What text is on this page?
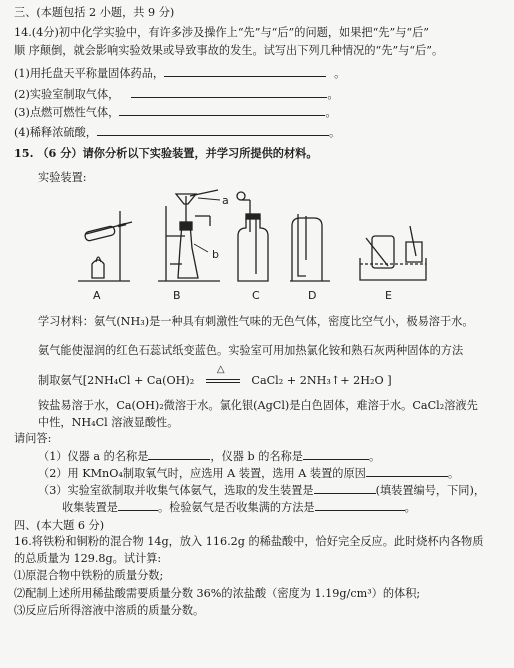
三、(本题包括 2 小题，共 9 分)
14.(4分)初中化学实验中，有许多涉及操作上“先”与“后”的问题，如果把“先”与“后”
顺 序颠倒，就会影响实验效果或导致事故的发生。试写出下列几种情况的“先”与“后”。
(1)用托盘天平称量固体药品，	。
(2)实验室制取气体，	。
(3)点燃可燃性气体，	。
(4)稀释浓硫酸，	。
15. （6 分）请你分析以下实验装置，并学习所提供的材料。
实验装置:
a
b
A	B	C	D	E
学习材料：氨气(NH₃)是一种具有刺激性气味的无色气体，密度比空气小，极易溶于水。
氨气能使湿润的红色石蕊试纸变蓝色。实验室可用加热氯化铵和熟石灰两种固体的方法
制取氨气[2NH₄Cl + Ca(OH)₂
△
CaCl₂ + 2NH₃↑+ 2H₂O ]
铵盐易溶于水，Ca(OH)₂微溶于水。氯化银(AgCl)是白色固体，难溶于水。CaCl₂溶液先
中性，NH₄Cl 溶液显酸性。
请问答:
（1）仪器 a 的名称是	，仪器 b 的名称是	。
（2）用 KMnO₄制取氧气时，应选用 A 装置，选用 A 装置的原因	。
（3）实验室欲制取并收集气体氨气，选取的发生装置是	(填装置编号，下同)，
收集装置是	。检验氨气是否收集满的方法是	。
四、(本大题 6 分)
16.将铁粉和铜粉的混合物 14g，放入 116.2g 的稀盐酸中，恰好完全反应。此时烧杯内各物质
的总质量为 129.8g。试计算:
⑴原混合物中铁粉的质量分数;
⑵配制上述所用稀盐酸需要质量分数 36%的浓盐酸（密度为 1.19g/cm³）的体积;
⑶反应后所得溶液中溶质的质量分数。
